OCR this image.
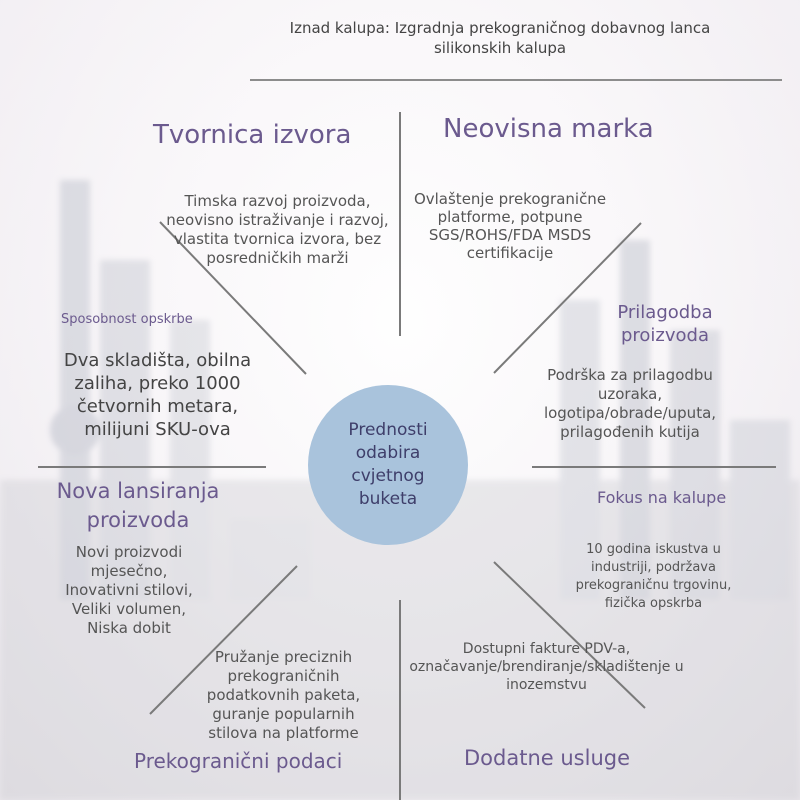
Iznad kalupa: Izgradnja prekograničnog dobavnog lanca silikonskih kalupa
Prednosti odabira cvjetnog buketa
Tvornica izvora
Timska razvoj proizvoda, neovisno istraživanje i razvoj, vlastita tvornica izvora, bez posredničkih marži
Neovisna marka
Ovlaštenje prekogranične platforme, potpune SGS/ROHS/FDA MSDS certifikacije
Prilagodba proizvoda
Podrška za prilagodbu uzoraka, logotipa/obrade/uputa, prilagođenih kutija
Fokus na kalupe
10 godina iskustva u industriji, podržava prekograničnu trgovinu, fizička opskrba
Dodatne usluge
Dostupni fakture PDV-a, označavanje/brendiranje/skladištenje u inozemstvu
Prekogranični podaci
Pružanje preciznih prekograničnih podatkovnih paketa, guranje popularnih stilova na platforme
Nova lansiranja proizvoda
Novi proizvodi mjesečno, Inovativni stilovi, Veliki volumen, Niska dobit
Sposobnost opskrbe
Dva skladišta, obilna zaliha, preko 1000 četvornih metara, milijuni SKU-ova
